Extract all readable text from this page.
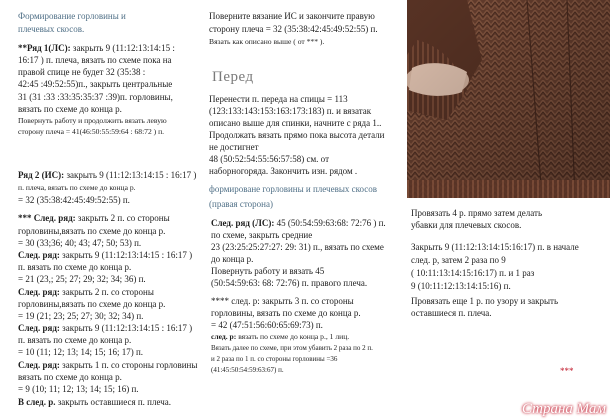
Формирование горловины и
плечевых скосов.
**Ряд 1(ЛС): закрыть 9 (11:12:13:14:15 :
16:17 ) п. плеча, вязать по схеме пока на
правой спице не будет 32 (35:38 :
42:45 :49:52:55)п., закрыть центральные
31 (31 :33 :33:35:35:37 :39)п. горловины,
вязать по схеме до конца р.
Повернуть работу и продолжить вязать левую
сторону плеча = 41(46:50:55:59:64 : 68:72 ) п.
Ряд 2 (ИС): закрыть 9 (11:12:13:14:15 : 16:17 )
п. плеча, вязать по схеме до конца р.
= 32 (35:38:42:45:49:52:55) п.
*** След. ряд: закрыть 2 п. со стороны
горловины,вязать по схеме до конца р.
= 30 (33;36; 40; 43; 47; 50; 53) п.
След. ряд: закрыть 9 (11:12:13:14:15 : 16:17 )
п. вязать по схеме до конца р.
= 21 (23,; 25; 27; 29; 32; 34; 36) п.
След. ряд: закрыть 2 п. со стороны
горловины,вязать по схеме до конца р.
= 19 (21; 23; 25; 27; 30; 32; 34) п.
След. ряд: закрыть 9 (11:12:13:14:15 : 16:17 )
п. вязать по схеме до конца р.
= 10 (11; 12; 13; 14; 15; 16; 17) п.
След. ряд: закрыть 1 п. со стороны горловины
вязать по схеме до конца р.
= 9 (10; 11; 12; 13; 14; 15; 16) п.
В след. р. закрыть оставшиеся п. плеча.
Поверните вязание ИС и закончите правую
сторону плеча = 32 (35:38:42:45:49:52:55) п.
Вязать как описано выше ( от *** ).
Перед
Перенести п. переда на спицы = 113
(123:133:143:153:163:173:183) п. и вязатак
описано выше для спинки, начните с ряда 1..
Продолжать вязать прямо пока высота детали
не достигнет
48 (50:52:54:55:56:57:58) см. от
наборногоряда. Закончить изн. рядом .
формироване горловины и плечевых скосов
(правая сторона)
След. ряд (ЛС): 45 (50:54:59:63:68: 72:76 ) п.
по схеме, закрыть средние
23 (23:25:25:27:27: 29: 31) п., вязать по схеме
до конца р.
Повернуть работу и вязать 45
(50:54:59:63: 68: 72:76) п. правого плеча.
**** след. р: закрыть 3 п. со стороны
горловины, вязать по схеме до конца р.
= 42 (47:51:56:60:65:69:73) п.
след. р: вязать по схеме до конца р., 1 лиц.
Вязать далее по схеме, при этом убавить 2 раза по 2 п.
и 2 раза по 1 п. со стороны горловины =36
(41:45:50:54:59:63:67) п.
Провязать 4 р. прямо затем делать
убавки для плечевых скосов.
Закрыть 9 (11:12:13:14:15:16:17) п. в начале
след. р, затем 2 раза по 9
( 10:11:13:14:15:16:17) п. и 1 раз
9 (10:11:12:13:14:15:16) п.
Провязать еще 1 р. по узору и закрыть
оставшиеся п. плеча.
***
Страна Мам
